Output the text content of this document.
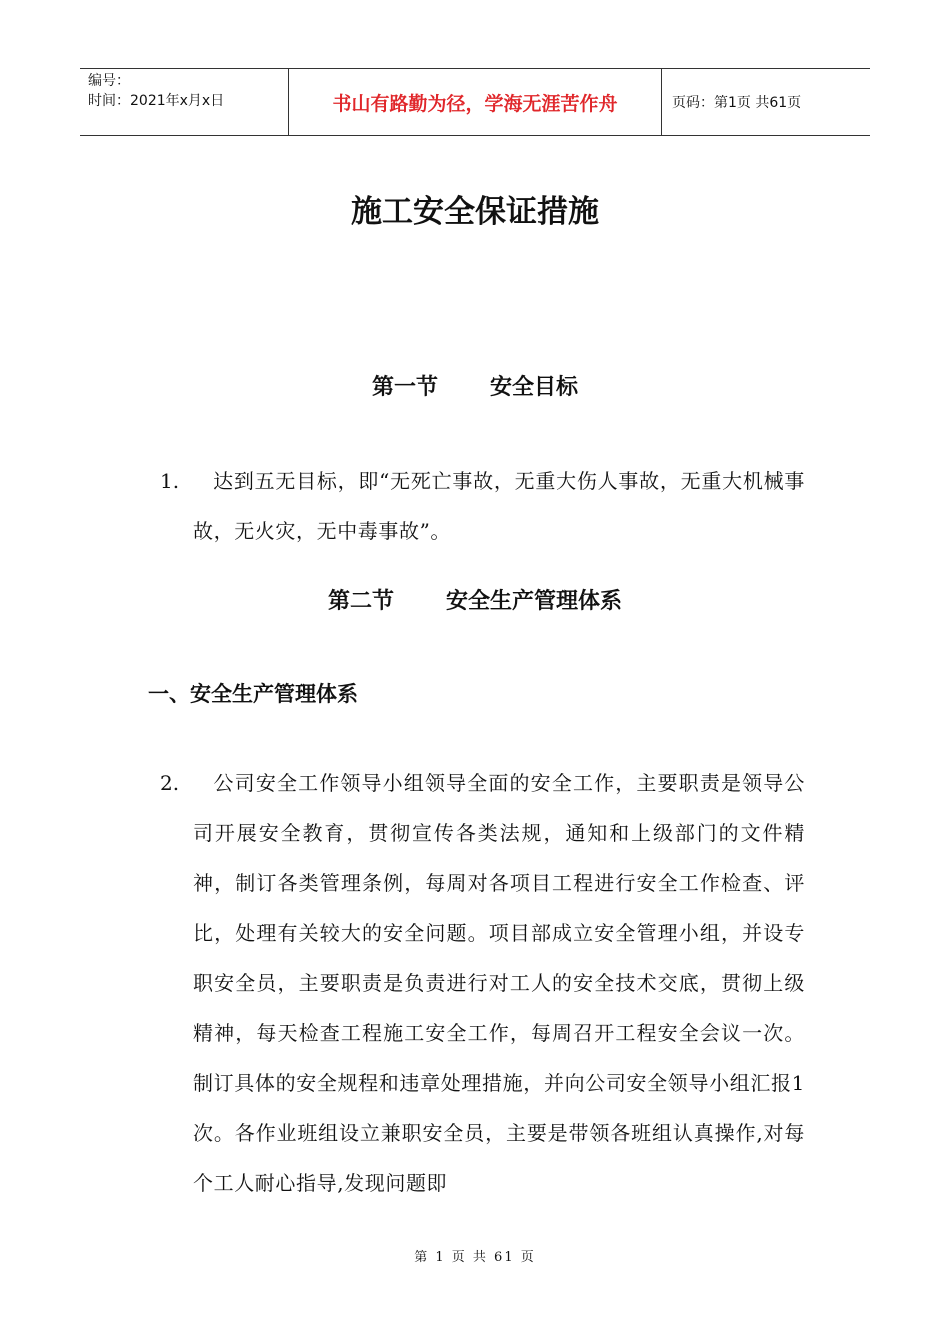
编号：
时间：2021年x月x日	书山有路勤为径，学海无涯苦作舟	页码：第1页 共61页
施工安全保证措施
第一节 安全目标
1.	达到五无目标，即“无死亡事故，无重大伤人事故，无重大机械事故，无火灾，无中毒事故”。

第二节 安全生产管理体系
一、安全生产管理体系
2.	公司安全工作领导小组领导全面的安全工作，主要职责是领导公司开展安全教育，贯彻宣传各类法规，通知和上级部门的文件精神，制订各类管理条例，每周对各项目工程进行安全工作检查、评比，处理有关较大的安全问题。项目部成立安全管理小组，并设专职安全员，主要职责是负责进行对工人的安全技术交底，贯彻上级精神，每天检查工程施工安全工作，每周召开工程安全会议一次。制订具体的安全规程和违章处理措施，并向公司安全领导小组汇报1次。各作业班组设立兼职安全员，主要是带领各班组认真操作,对每个工人耐心指导,发现问题即

第 1 页 共 61 页
